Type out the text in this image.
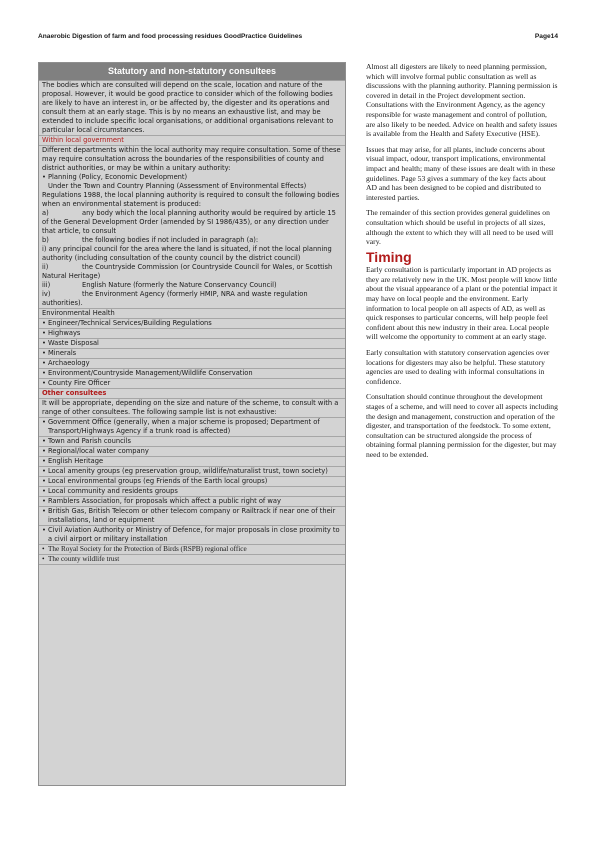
Anaerobic Digestion of farm and food processing residues GoodPractice Guidelines	Page14
Statutory and non-statutory consultees

The bodies which are consulted will depend on the scale, location and nature of the proposal. However, it would be good practice to consider which of the following bodies are likely to have an interest in, or be affected by, the digester and its operations and consult them at an early stage. This is by no means an exhaustive list, and may be extended to include specific local organisations, or additional organisations relevant to particular local circumstances.

Within local government

Different departments within the local authority may require consultation. Some of these may require consultation across the boundaries of the responsibilities of county and district authorities, or may be within a unitary authority:

• Planning (Policy, Economic Development)

Under the Town and Country Planning (Assessment of Environmental Effects) Regulations 1988, the local planning authority is required to consult the following bodies when an environmental statement is produced:

a)	any body which the local planning authority would be required by article 15 of the General Development Order (amended by SI 1986/435), or any direction under that article, to consult

b)	the following bodies if not included in paragraph (a):

i) any principal council for the area where the land is situated, if not the local planning authority (including consultation of the county council by the district council)

ii)	the Countryside Commission (or Countryside Council for Wales, or Scottish Natural Heritage)

iii)	English Nature (formerly the Nature Conservancy Council)

iv)	the Environment Agency (formerly HMIP, NRA and waste regulation authorities).

Environmental Health

• Engineer/Technical Services/Building Regulations
• Highways
• Waste Disposal
• Minerals
• Archaeology
• Environment/Countryside Management/Wildlife Conservation
• County Fire Officer

Other consultees

It will be appropriate, depending on the size and nature of the scheme, to consult with a range of other consultees. The following sample list is not exhaustive:

• Government Office (generally, when a major scheme is proposed; Department of Transport/Highways Agency if a trunk road is affected)
• Town and Parish councils
• Regional/local water company
• English Heritage
• Local amenity groups (eg preservation group, wildlife/naturalist trust, town society)
• Local environmental groups (eg Friends of the Earth local groups)
• Local community and residents groups
• Ramblers Association, for proposals which affect a public right of way
• British Gas, British Telecom or other telecom company or Railtrack if near one of their installations, land or equipment
• Civil Aviation Authority or Ministry of Defence, for major proposals in close proximity to a civil airport or military installation
• The Royal Society for the Protection of Birds (RSPB) regional office
• The county wildlife trust

Almost all digesters are likely to need planning permission, which will involve formal public consultation as well as discussions with the planning authority. Planning permission is covered in detail in the Project development section. Consultations with the Environment Agency, as the agency responsible for waste management and control of pollution, are also likely to be needed. Advice on health and safety issues is available from the Health and Safety Executive (HSE).

Issues that may arise, for all plants, include concerns about visual impact, odour, transport implications, environmental impact and health; many of these issues are dealt with in these guidelines. Page 53 gives a summary of the key facts about AD and has been designed to be copied and distributed to interested parties.

The remainder of this section provides general guidelines on consultation which should be useful in projects of all sizes, although the extent to which they will all need to be used will vary.

Timing

Early consultation is particularly important in AD projects as they are relatively new in the UK. Most people will know little about the visual appearance of a plant or the potential impact it may have on local people and the environment. Early information to local people on all aspects of AD, as well as quick responses to particular concerns, will help people feel confident about this new industry in their area. Local people will welcome the opportunity to comment at an early stage.

Early consultation with statutory conservation agencies over locations for digesters may also be helpful. These statutory agencies are used to dealing with informal consultations in confidence.

Consultation should continue throughout the development stages of a scheme, and will need to cover all aspects including the design and management, construction and operation of the digester, and transportation of the feedstock. To some extent, consultation can be structured alongside the process of obtaining formal planning permission for the digester, but may need to be extended.
